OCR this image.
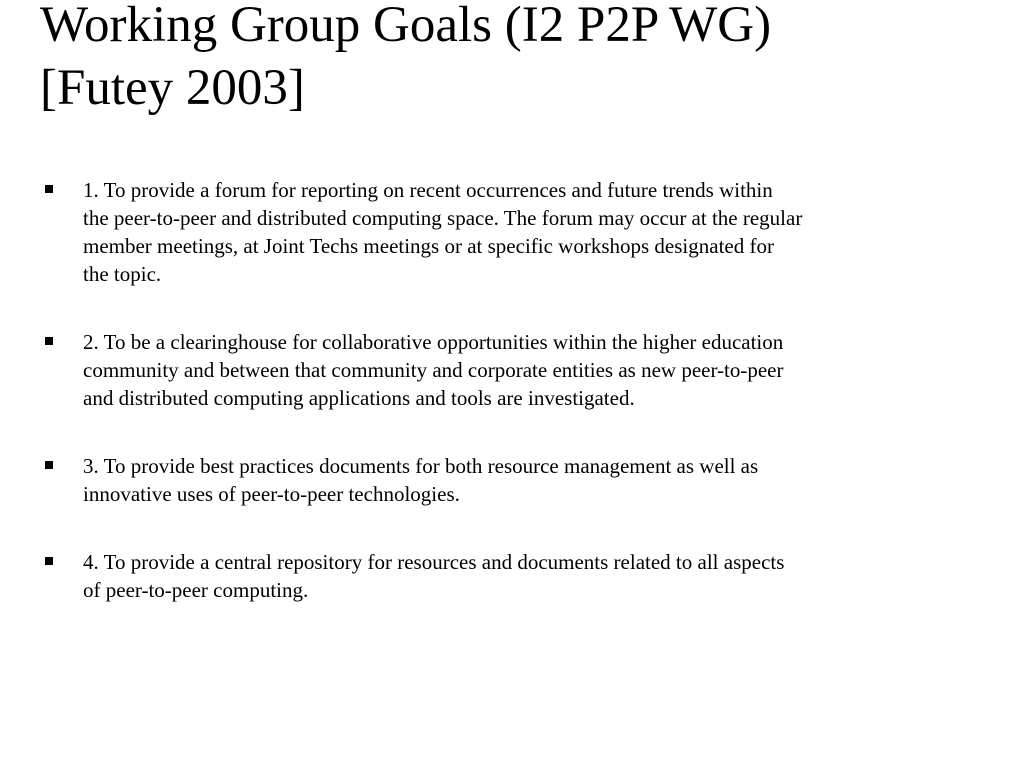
Working Group Goals (I2 P2P WG)
[Futey 2003]
1. To provide a forum for reporting on recent occurrences and future trends within
the peer-to-peer and distributed computing space. The forum may occur at the regular
member meetings, at Joint Techs meetings or at specific workshops designated for
the topic.
2. To be a clearinghouse for collaborative opportunities within the higher education
community and between that community and corporate entities as new peer-to-peer
and distributed computing applications and tools are investigated.
3. To provide best practices documents for both resource management as well as
innovative uses of peer-to-peer technologies.
4. To provide a central repository for resources and documents related to all aspects
of peer-to-peer computing.
